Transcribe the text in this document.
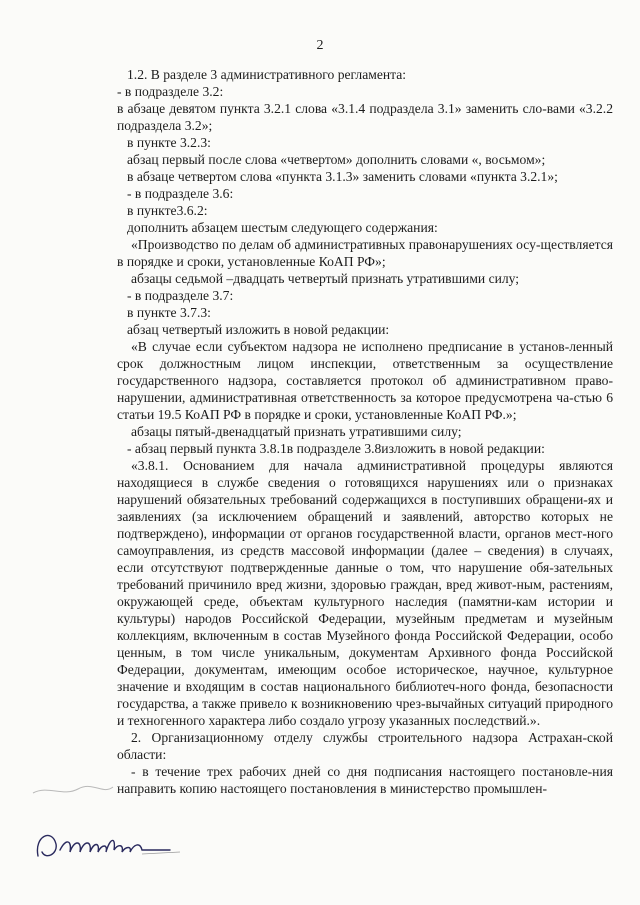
2

1.2. В разделе 3 административного регламента:

- в подразделе 3.2:

в абзаце девятом пункта 3.2.1 слова «3.1.4 подраздела 3.1» заменить сло-вами «3.2.2 подраздела 3.2»;

в пункте 3.2.3:

абзац первый после слова «четвертом» дополнить словами «, восьмом»;

в абзаце четвертом слова «пункта 3.1.3» заменить словами «пункта 3.2.1»;

- в подразделе 3.6:

в пункте3.6.2:

дополнить абзацем шестым следующего содержания:

«Производство по делам об административных правонарушениях осу-ществляется в порядке и сроки, установленные КоАП РФ»;

абзацы седьмой –двадцать четвертый признать утратившими силу;

- в подразделе 3.7:

в пункте 3.7.3:

абзац четвертый изложить в новой редакции:

«В случае если субъектом надзора не исполнено предписание в установ-ленный срок должностным лицом инспекции, ответственным за осуществление государственного надзора, составляется протокол об административном право-нарушении, административная ответственность за которое предусмотрена ча-стью 6 статьи 19.5 КоАП РФ в порядке и сроки, установленные КоАП РФ.»;

абзацы пятый-двенадцатый признать утратившими силу;

- абзац первый пункта 3.8.1в подразделе 3.8изложить в новой редакции:

«3.8.1. Основанием для начала административной процедуры являются находящиеся в службе сведения о готовящихся нарушениях или о признаках нарушений обязательных требований содержащихся в поступивших обращени-ях и заявлениях (за исключением обращений и заявлений, авторство которых не подтверждено), информации от органов государственной власти, органов мест-ного самоуправления, из средств массовой информации (далее – сведения) в случаях, если отсутствуют подтвержденные данные о том, что нарушение обя-зательных требований причинило вред жизни, здоровью граждан, вред живот-ным, растениям, окружающей среде, объектам культурного наследия (памятни-кам истории и культуры) народов Российской Федерации, музейным предметам и музейным коллекциям, включенным в состав Музейного фонда Российской Федерации, особо ценным, в том числе уникальным, документам Архивного фонда Российской Федерации, документам, имеющим особое историческое, научное, культурное значение и входящим в состав национального библиотеч-ного фонда, безопасности государства, а также привело к возникновению чрез-вычайных ситуаций природного и техногенного характера либо создало угрозу указанных последствий.».

2. Организационному отделу службы строительного надзора Астрахан-ской области:

- в течение трех рабочих дней со дня подписания настоящего постановле-ния направить копию настоящего постановления в министерство промышлен-
